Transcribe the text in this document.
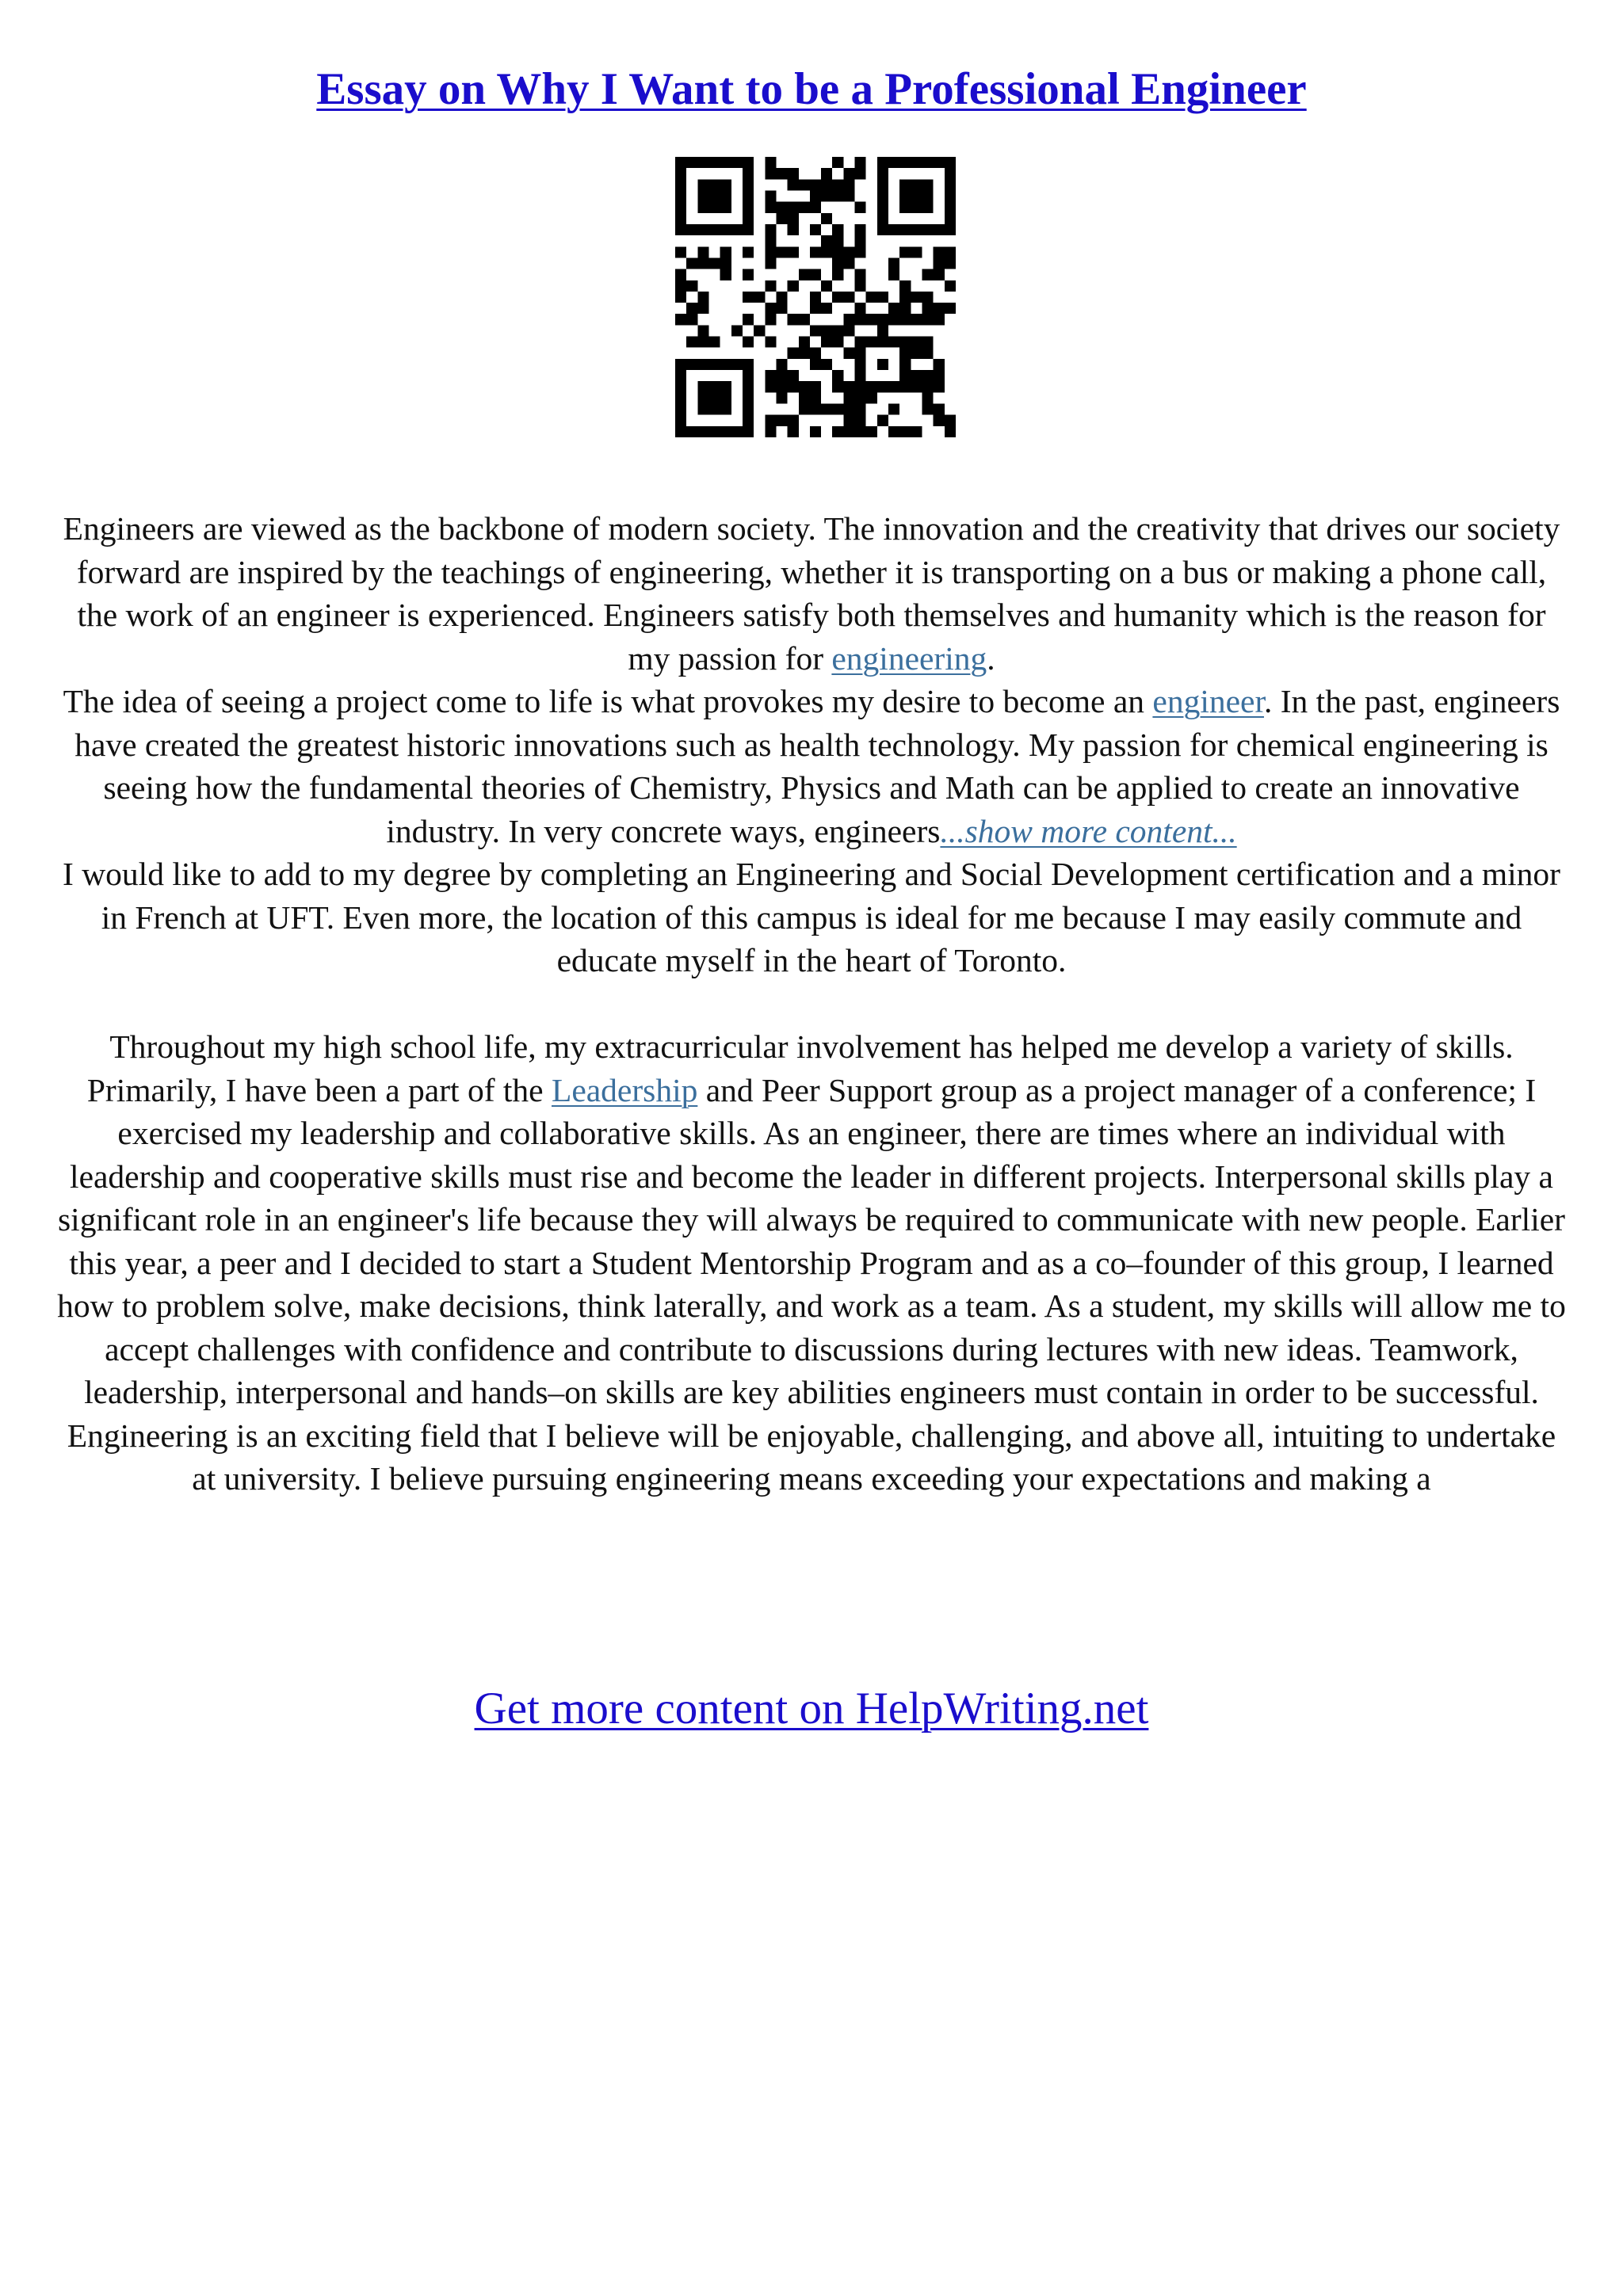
Essay on Why I Want to be a Professional Engineer

Engineers are viewed as the backbone of modern society. The innovation and the creativity that drives our society forward are inspired by the teachings of engineering, whether it is transporting on a bus or making a phone call, the work of an engineer is experienced. Engineers satisfy both themselves and humanity which is the reason for my passion for engineering.

The idea of seeing a project come to life is what provokes my desire to become an engineer. In the past, engineers have created the greatest historic innovations such as health technology. My passion for chemical engineering is seeing how the fundamental theories of Chemistry, Physics and Math can be applied to create an innovative industry. In very concrete ways, engineers...show more content...

I would like to add to my degree by completing an Engineering and Social Development certification and a minor in French at UFT. Even more, the location of this campus is ideal for me because I may easily commute and educate myself in the heart of Toronto.

Throughout my high school life, my extracurricular involvement has helped me develop a variety of skills. Primarily, I have been a part of the Leadership and Peer Support group as a project manager of a conference; I exercised my leadership and collaborative skills. As an engineer, there are times where an individual with leadership and cooperative skills must rise and become the leader in different projects. Interpersonal skills play a significant role in an engineer's life because they will always be required to communicate with new people. Earlier this year, a peer and I decided to start a Student Mentorship Program and as a co–founder of this group, I learned how to problem solve, make decisions, think laterally, and work as a team. As a student, my skills will allow me to accept challenges with confidence and contribute to discussions during lectures with new ideas. Teamwork, leadership, interpersonal and hands–on skills are key abilities engineers must contain in order to be successful.

Engineering is an exciting field that I believe will be enjoyable, challenging, and above all, intuiting to undertake at university. I believe pursuing engineering means exceeding your expectations and making a

Get more content on HelpWriting.net
